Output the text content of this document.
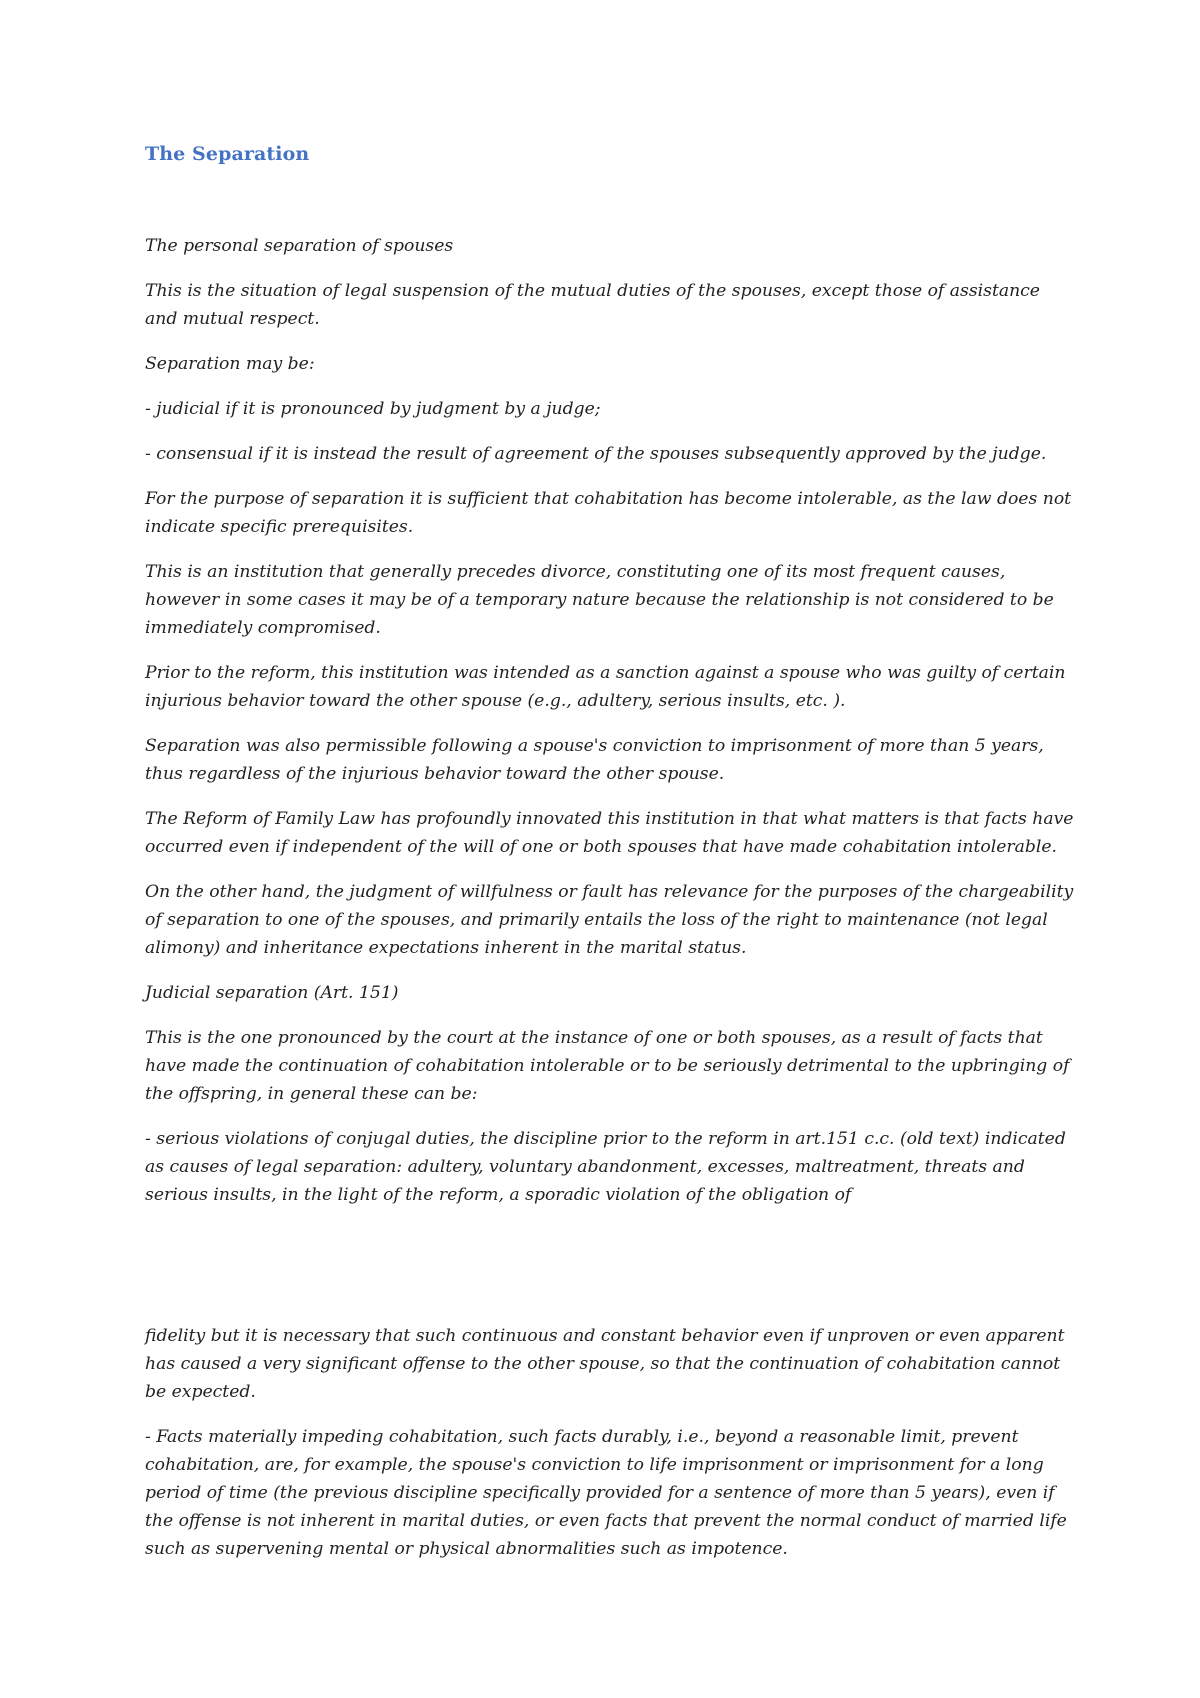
The Separation

The personal separation of spouses

This is the situation of legal suspension of the mutual duties of the spouses, except those of assistance and mutual respect.

Separation may be:

- judicial if it is pronounced by judgment by a judge;

- consensual if it is instead the result of agreement of the spouses subsequently approved by the judge.

For the purpose of separation it is sufficient that cohabitation has become intolerable, as the law does not indicate specific prerequisites.

This is an institution that generally precedes divorce, constituting one of its most frequent causes, however in some cases it may be of a temporary nature because the relationship is not considered to be immediately compromised.

Prior to the reform, this institution was intended as a sanction against a spouse who was guilty of certain injurious behavior toward the other spouse (e.g., adultery, serious insults, etc. ).

Separation was also permissible following a spouse's conviction to imprisonment of more than 5 years, thus regardless of the injurious behavior toward the other spouse.

The Reform of Family Law has profoundly innovated this institution in that what matters is that facts have occurred even if independent of the will of one or both spouses that have made cohabitation intolerable.

On the other hand, the judgment of willfulness or fault has relevance for the purposes of the chargeability of separation to one of the spouses, and primarily entails the loss of the right to maintenance (not legal alimony) and inheritance expectations inherent in the marital status.

Judicial separation (Art. 151)

This is the one pronounced by the court at the instance of one or both spouses, as a result of facts that have made the continuation of cohabitation intolerable or to be seriously detrimental to the upbringing of the offspring, in general these can be:

- serious violations of conjugal duties, the discipline prior to the reform in art.151 c.c. (old text) indicated as causes of legal separation: adultery, voluntary abandonment, excesses, maltreatment, threats and serious insults, in the light of the reform, a sporadic violation of the obligation of

fidelity but it is necessary that such continuous and constant behavior even if unproven or even apparent has caused a very significant offense to the other spouse, so that the continuation of cohabitation cannot be expected.

- Facts materially impeding cohabitation, such facts durably, i.e., beyond a reasonable limit, prevent cohabitation, are, for example, the spouse's conviction to life imprisonment or imprisonment for a long period of time (the previous discipline specifically provided for a sentence of more than 5 years), even if the offense is not inherent in marital duties, or even facts that prevent the normal conduct of married life such as supervening mental or physical abnormalities such as impotence.
